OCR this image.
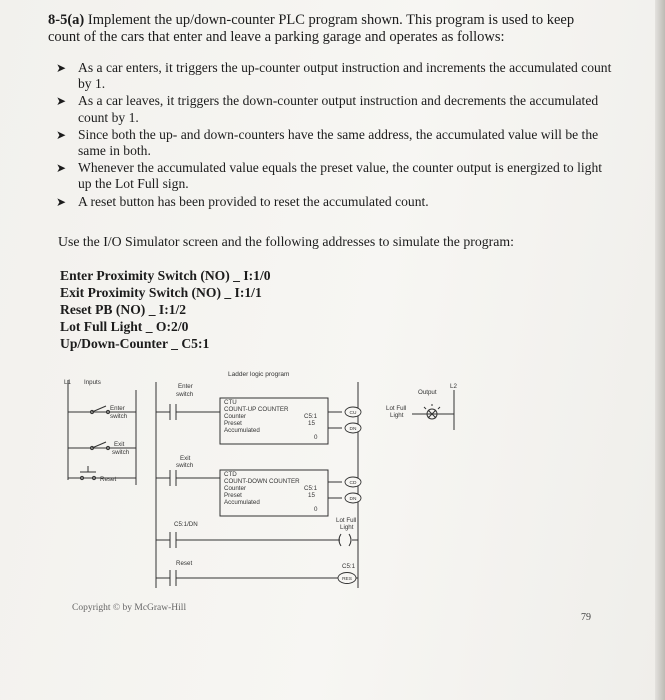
8-5(a) Implement the up/down-counter PLC program shown. This program is used to keep count of the cars that enter and leave a parking garage and operates as follows:
➤ As a car enters, it triggers the up-counter output instruction and increments the accumulated count by 1.
➤ As a car leaves, it triggers the down-counter output instruction and decrements the accumulated count by 1.
➤ Since both the up- and down-counters have the same address, the accumulated value will be the same in both.
➤ Whenever the accumulated value equals the preset value, the counter output is energized to light up the Lot Full sign.
➤ A reset button has been provided to reset the accumulated count.
Use the I/O Simulator screen and the following addresses to simulate the program:
Enter Proximity Switch (NO) _ I:1/0
Exit Proximity Switch (NO) _ I:1/1
Reset PB (NO) _ I:1/2
Lot Full Light _ O:2/0
Up/Down-Counter _ C5:1
Ladder logic program
L1 Inputs
Output
L2
Enter
switch
Exit
switch
Reset
Enter
switch
Exit
switch
CTU
COUNT-UP COUNTER
Counter	C5:1
Preset	15
Accumulated
0
CTD
COUNT-DOWN COUNTER
Counter	C5:1
Preset	15
Accumulated
0
C5:1/DN
Reset
Lot Full
Light
C5:1
Lot Full
Light
CU
DN
CD
DN
RES
Copyright © by McGraw-Hill
79
